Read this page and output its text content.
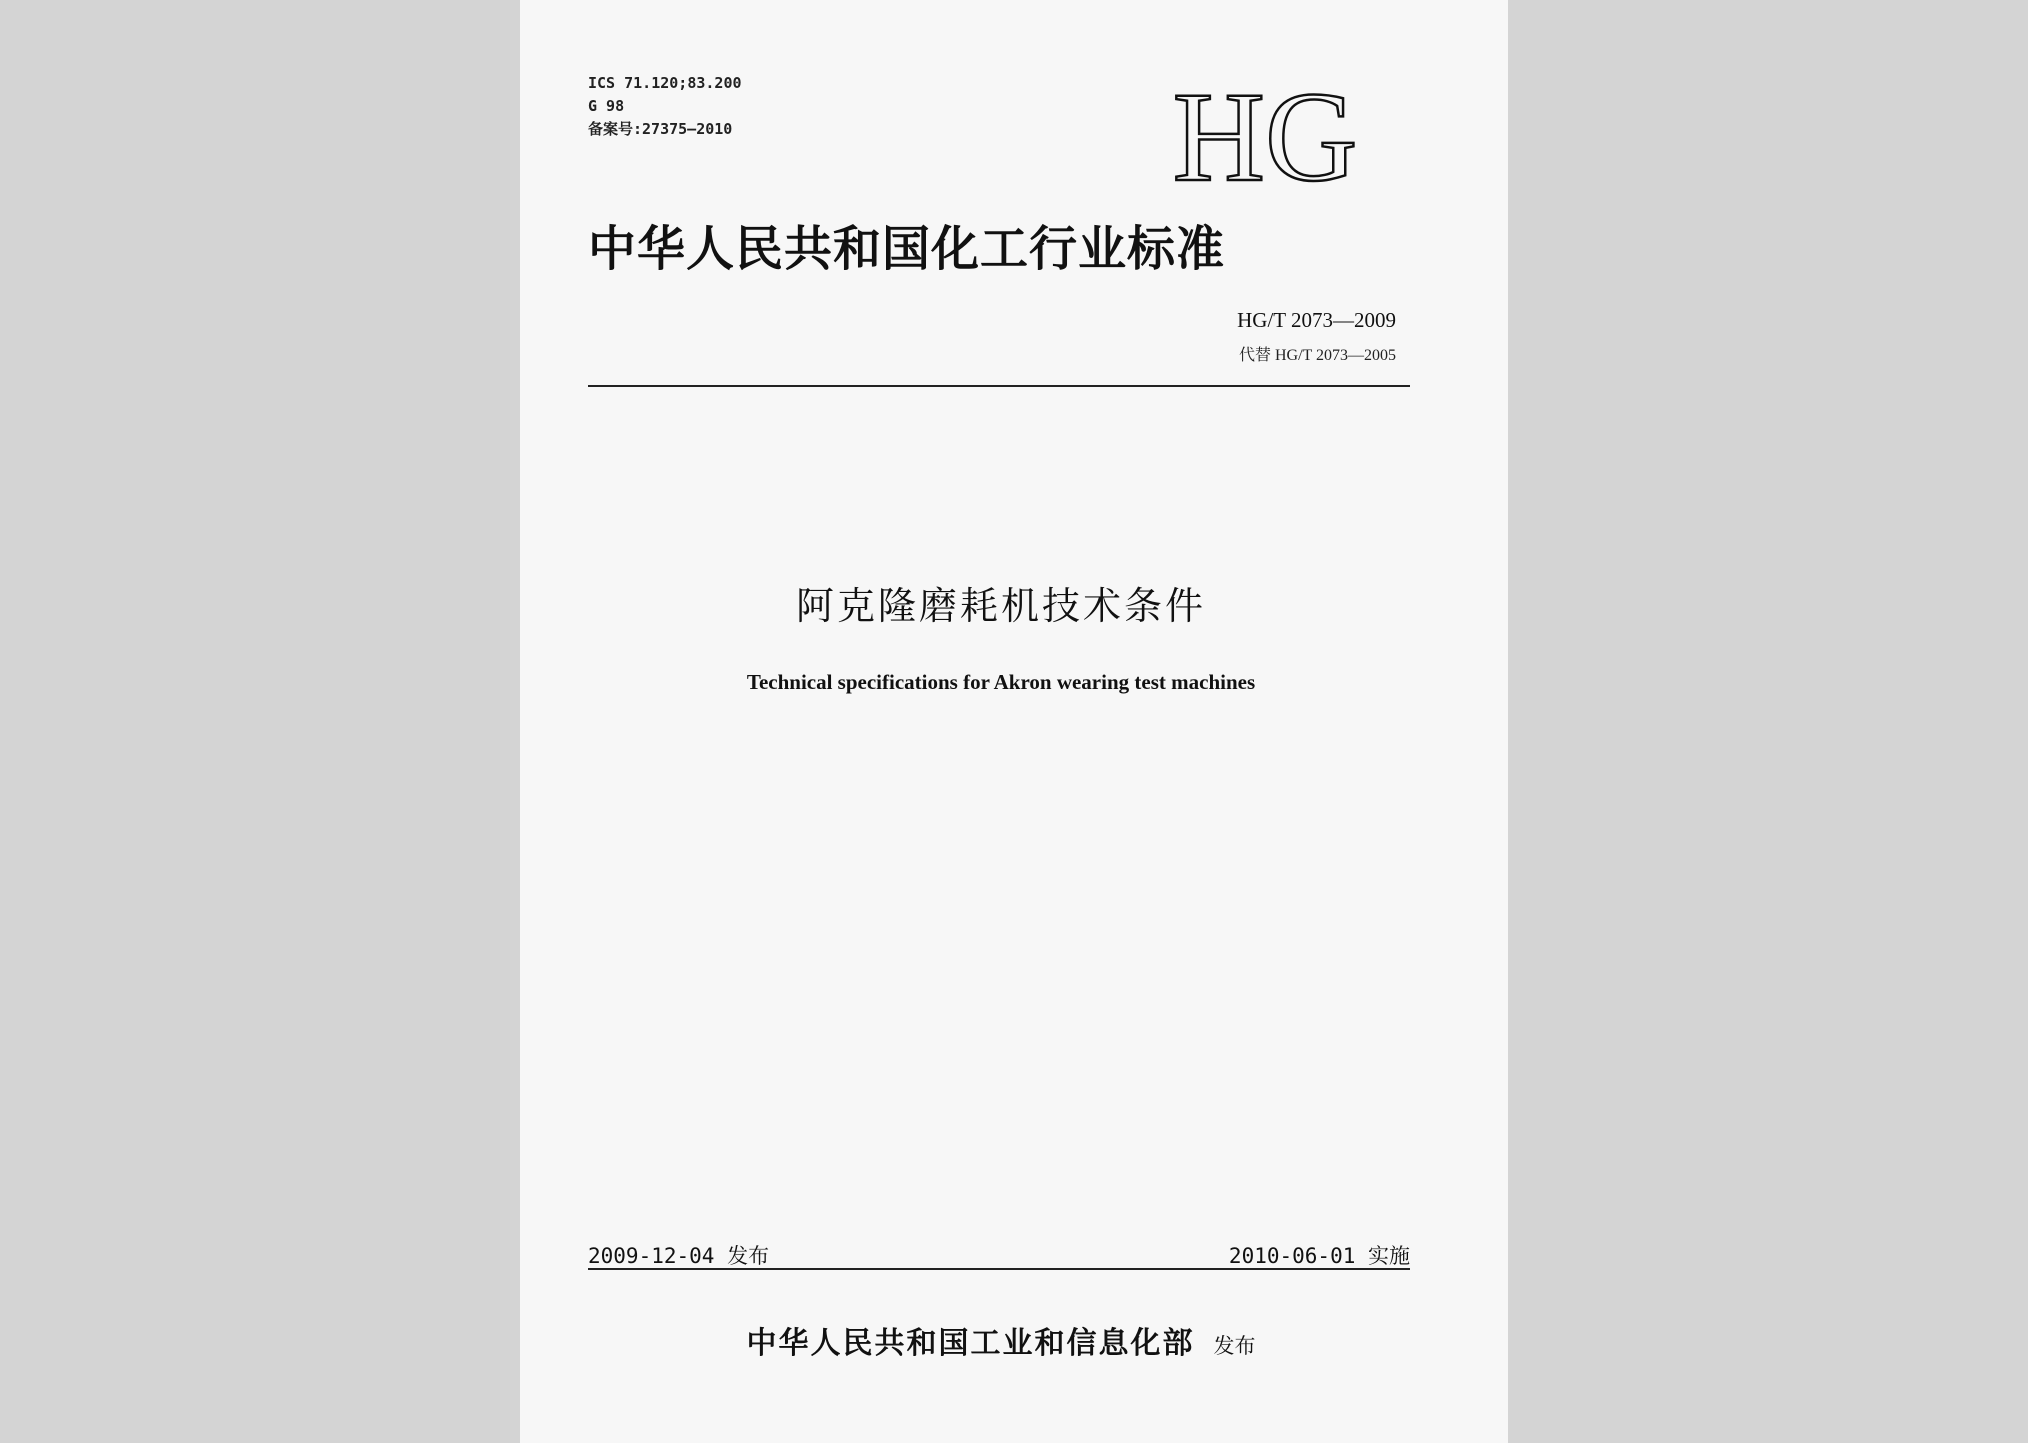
ICS 71.120;83.200
G 98
备案号:27375—2010	HG
中华人民共和国化工行业标准
HG/T 2073—2009
代替 HG/T 2073—2005
阿克隆磨耗机技术条件
Technical specifications for Akron wearing test machines
2009-12-04 发布	2010-06-01 实施
中华人民共和国工业和信息化部 发布
